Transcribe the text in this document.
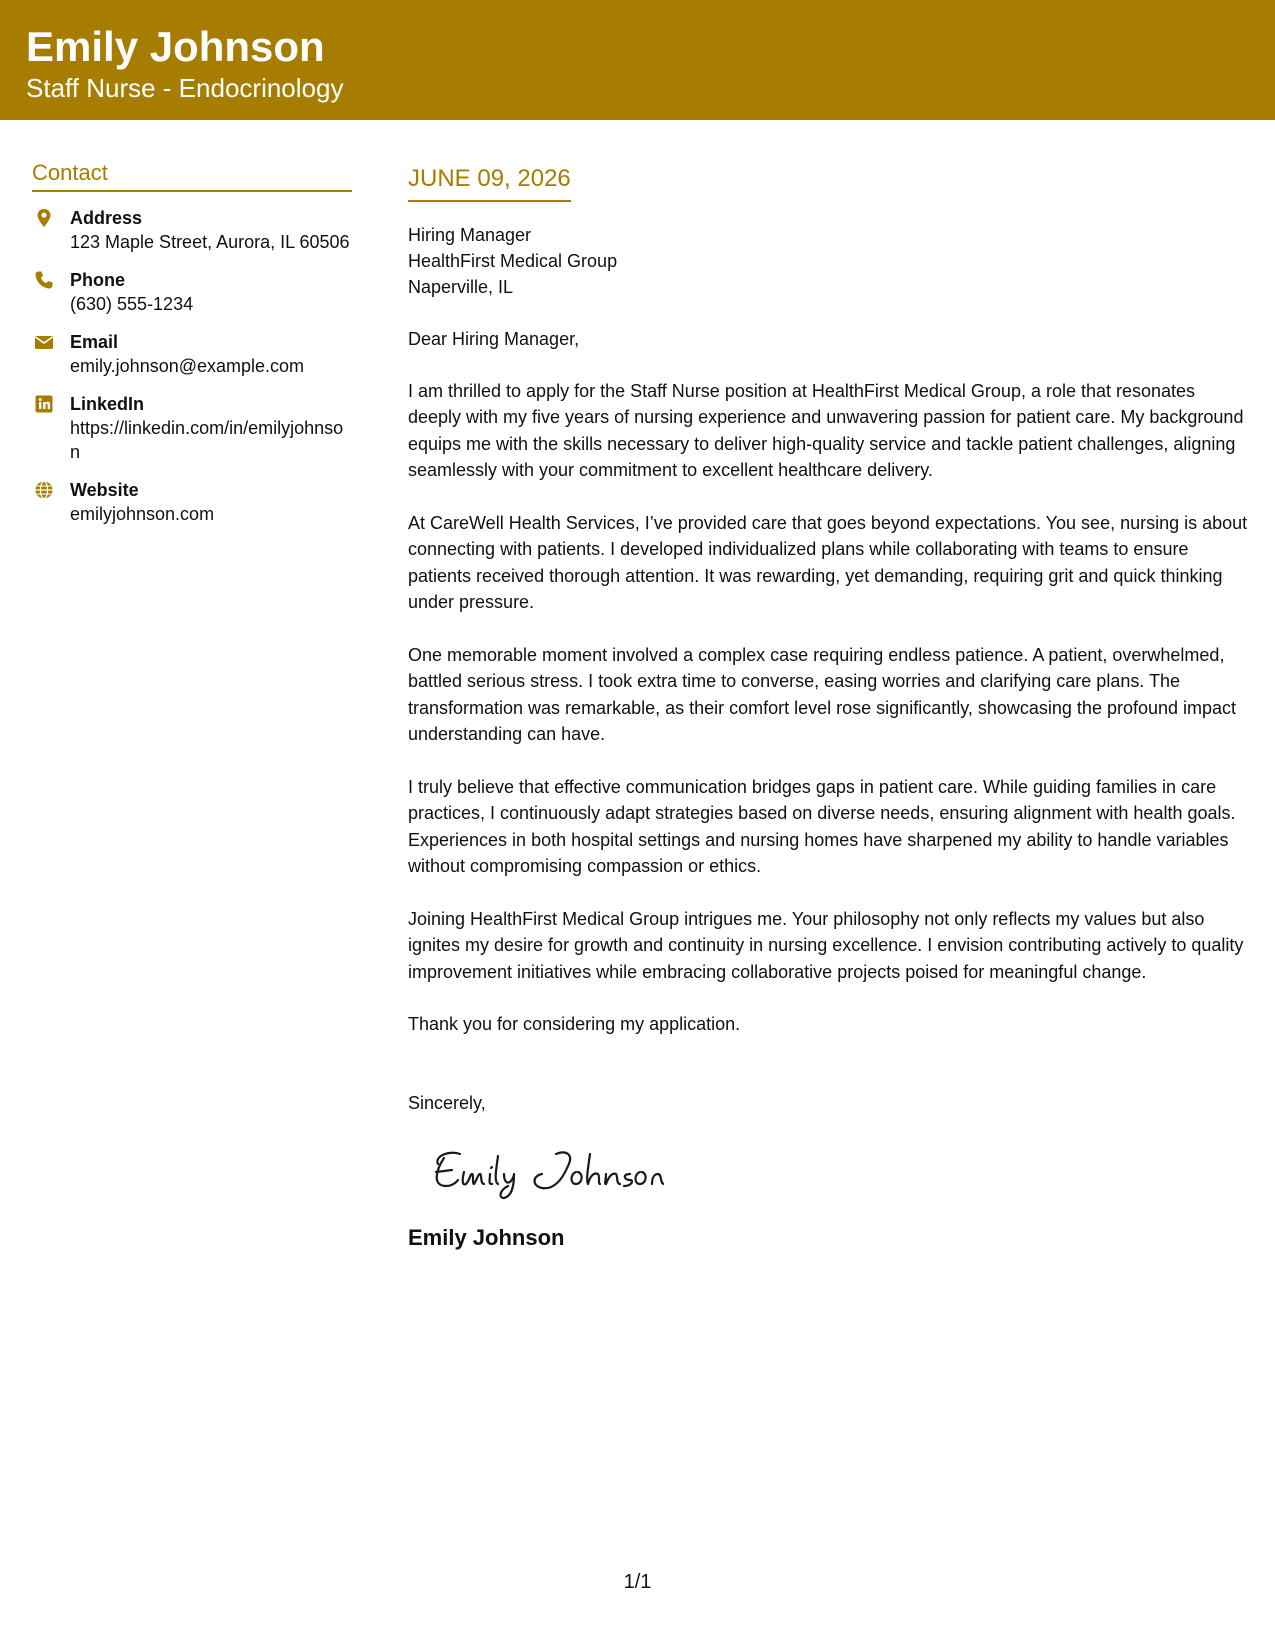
Emily Johnson
Staff Nurse - Endocrinology
Contact
Address
123 Maple Street, Aurora, IL 60506
Phone
(630) 555-1234
Email
emily.johnson@example.com
LinkedIn
https://linkedin.com/in/emilyjohnson
Website
emilyjohnson.com
JUNE 09, 2026
Hiring Manager
HealthFirst Medical Group
Naperville, IL
Dear Hiring Manager,
I am thrilled to apply for the Staff Nurse position at HealthFirst Medical Group, a role that resonates deeply with my five years of nursing experience and unwavering passion for patient care. My background equips me with the skills necessary to deliver high-quality service and tackle patient challenges, aligning seamlessly with your commitment to excellent healthcare delivery.
At CareWell Health Services, I’ve provided care that goes beyond expectations. You see, nursing is about connecting with patients. I developed individualized plans while collaborating with teams to ensure patients received thorough attention. It was rewarding, yet demanding, requiring grit and quick thinking under pressure.
One memorable moment involved a complex case requiring endless patience. A patient, overwhelmed, battled serious stress. I took extra time to converse, easing worries and clarifying care plans. The transformation was remarkable, as their comfort level rose significantly, showcasing the profound impact understanding can have.
I truly believe that effective communication bridges gaps in patient care. While guiding families in care practices, I continuously adapt strategies based on diverse needs, ensuring alignment with health goals. Experiences in both hospital settings and nursing homes have sharpened my ability to handle variables without compromising compassion or ethics.
Joining HealthFirst Medical Group intrigues me. Your philosophy not only reflects my values but also ignites my desire for growth and continuity in nursing excellence. I envision contributing actively to quality improvement initiatives while embracing collaborative projects poised for meaningful change.
Thank you for considering my application.
Sincerely,
Emily Johnson
1/1
